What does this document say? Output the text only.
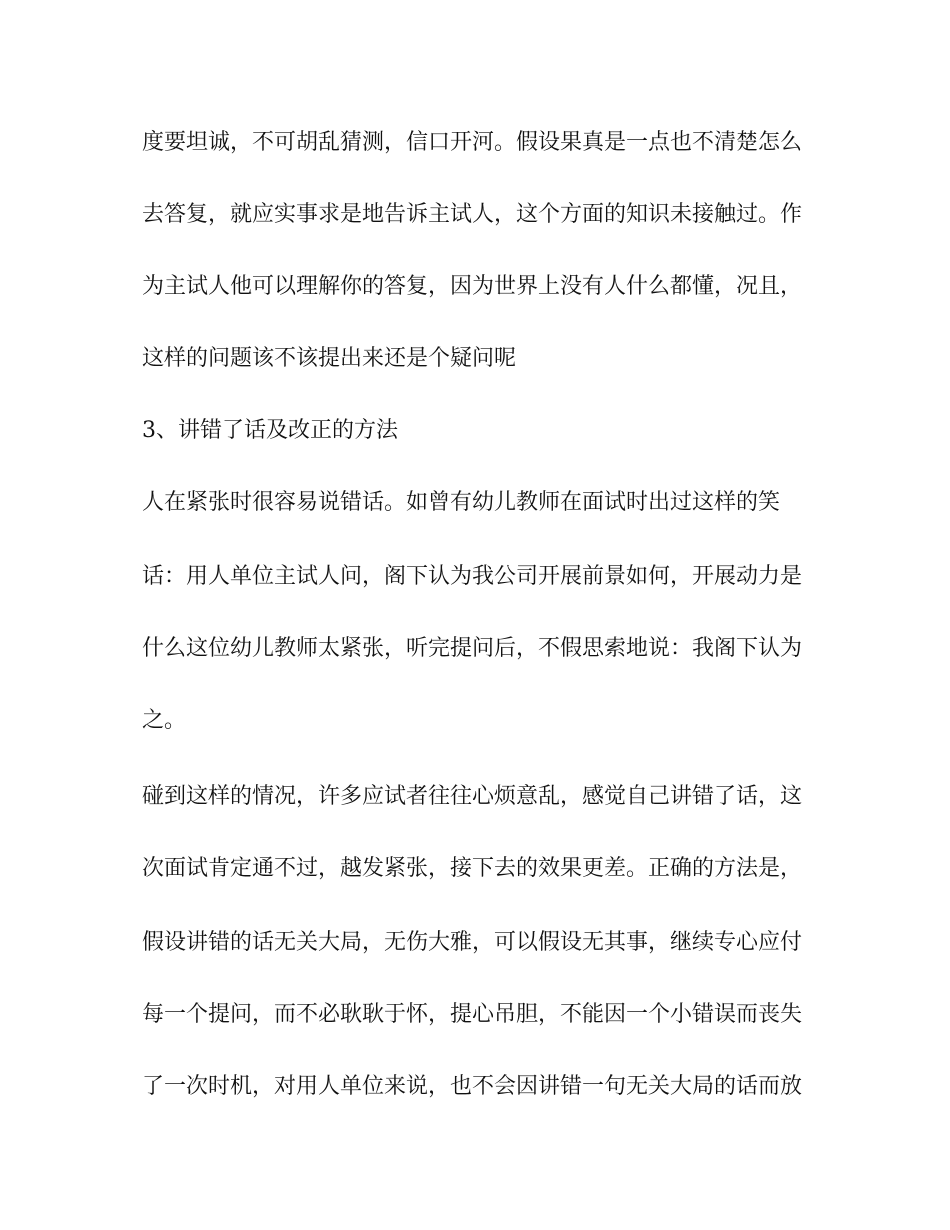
度要坦诚，不可胡乱猜测，信口开河。假设果真是一点也不清楚怎么
去答复，就应实事求是地告诉主试人，这个方面的知识未接触过。作
为主试人他可以理解你的答复，因为世界上没有人什么都懂，况且，
这样的问题该不该提出来还是个疑问呢
3、讲错了话及改正的方法
人在紧张时很容易说错话。如曾有幼儿教师在面试时出过这样的笑
话：用人单位主试人问，阁下认为我公司开展前景如何，开展动力是
什么这位幼儿教师太紧张，听完提问后，不假思索地说：我阁下认为
之。
碰到这样的情况，许多应试者往往心烦意乱，感觉自己讲错了话，这
次面试肯定通不过，越发紧张，接下去的效果更差。正确的方法是，
假设讲错的话无关大局，无伤大雅，可以假设无其事，继续专心应付
每一个提问，而不必耿耿于怀，提心吊胆，不能因一个小错误而丧失
了一次时机，对用人单位来说，也不会因讲错一句无关大局的话而放
